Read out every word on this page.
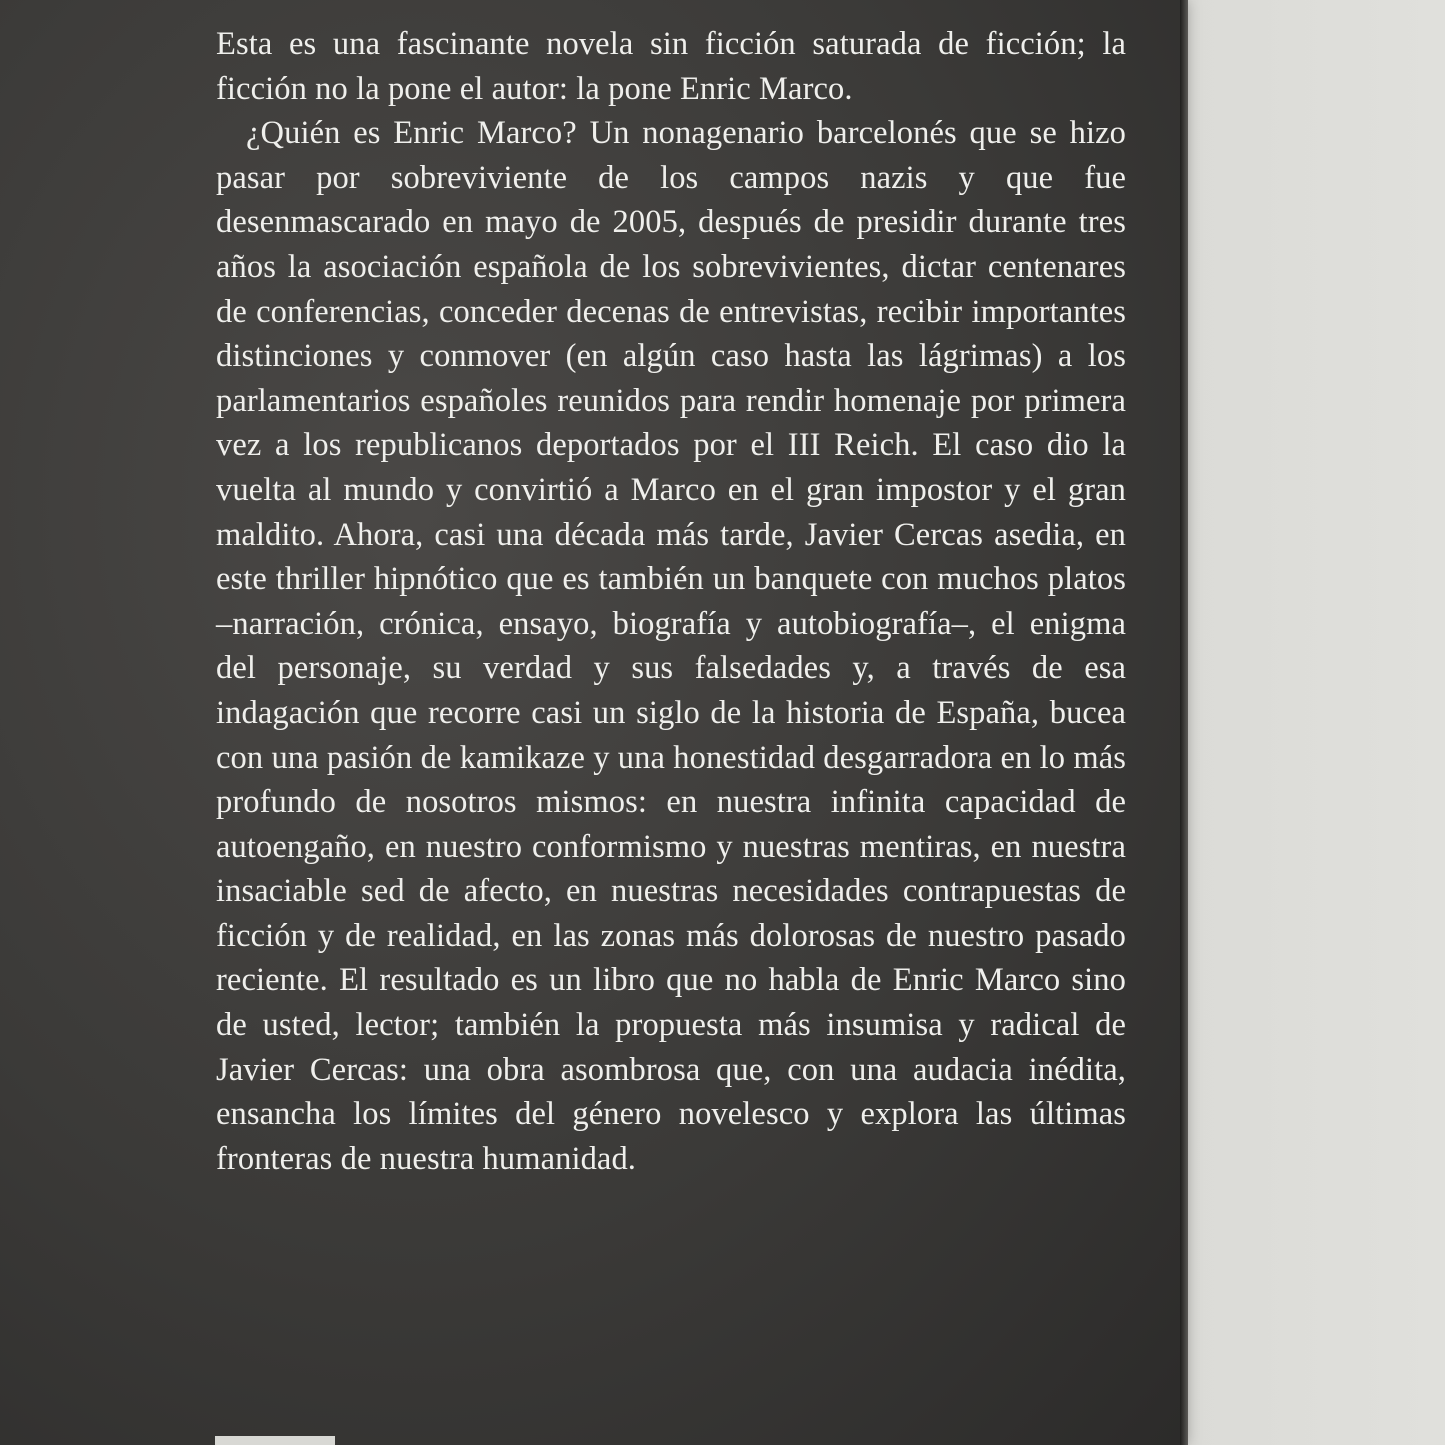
Esta es una fascinante novela sin ficción saturada de ficción; la ficción no la pone el autor: la pone Enric Marco.

¿Quién es Enric Marco? Un nonagenario barcelonés que se hizo pasar por sobreviviente de los campos nazis y que fue desenmascarado en mayo de 2005, después de presidir durante tres años la asociación española de los sobrevivientes, dictar centenares de conferencias, conceder decenas de entrevistas, recibir importantes distinciones y conmover (en algún caso hasta las lágrimas) a los parlamentarios españoles reunidos para rendir homenaje por primera vez a los republicanos deportados por el III Reich. El caso dio la vuelta al mundo y convirtió a Marco en el gran impostor y el gran maldito. Ahora, casi una década más tarde, Javier Cercas asedia, en este thriller hipnótico que es también un banquete con muchos platos –narración, crónica, ensayo, biografía y autobiografía–, el enigma del personaje, su verdad y sus falsedades y, a través de esa indagación que recorre casi un siglo de la historia de España, bucea con una pasión de kamikaze y una honestidad desgarradora en lo más profundo de nosotros mismos: en nuestra infinita capacidad de autoengaño, en nuestro conformismo y nuestras mentiras, en nuestra insaciable sed de afecto, en nuestras necesidades contrapuestas de ficción y de realidad, en las zonas más dolorosas de nuestro pasado reciente. El resultado es un libro que no habla de Enric Marco sino de usted, lector; también la propuesta más insumisa y radical de Javier Cercas: una obra asombrosa que, con una audacia inédita, ensancha los límites del género novelesco y explora las últimas fronteras de nuestra humanidad.
